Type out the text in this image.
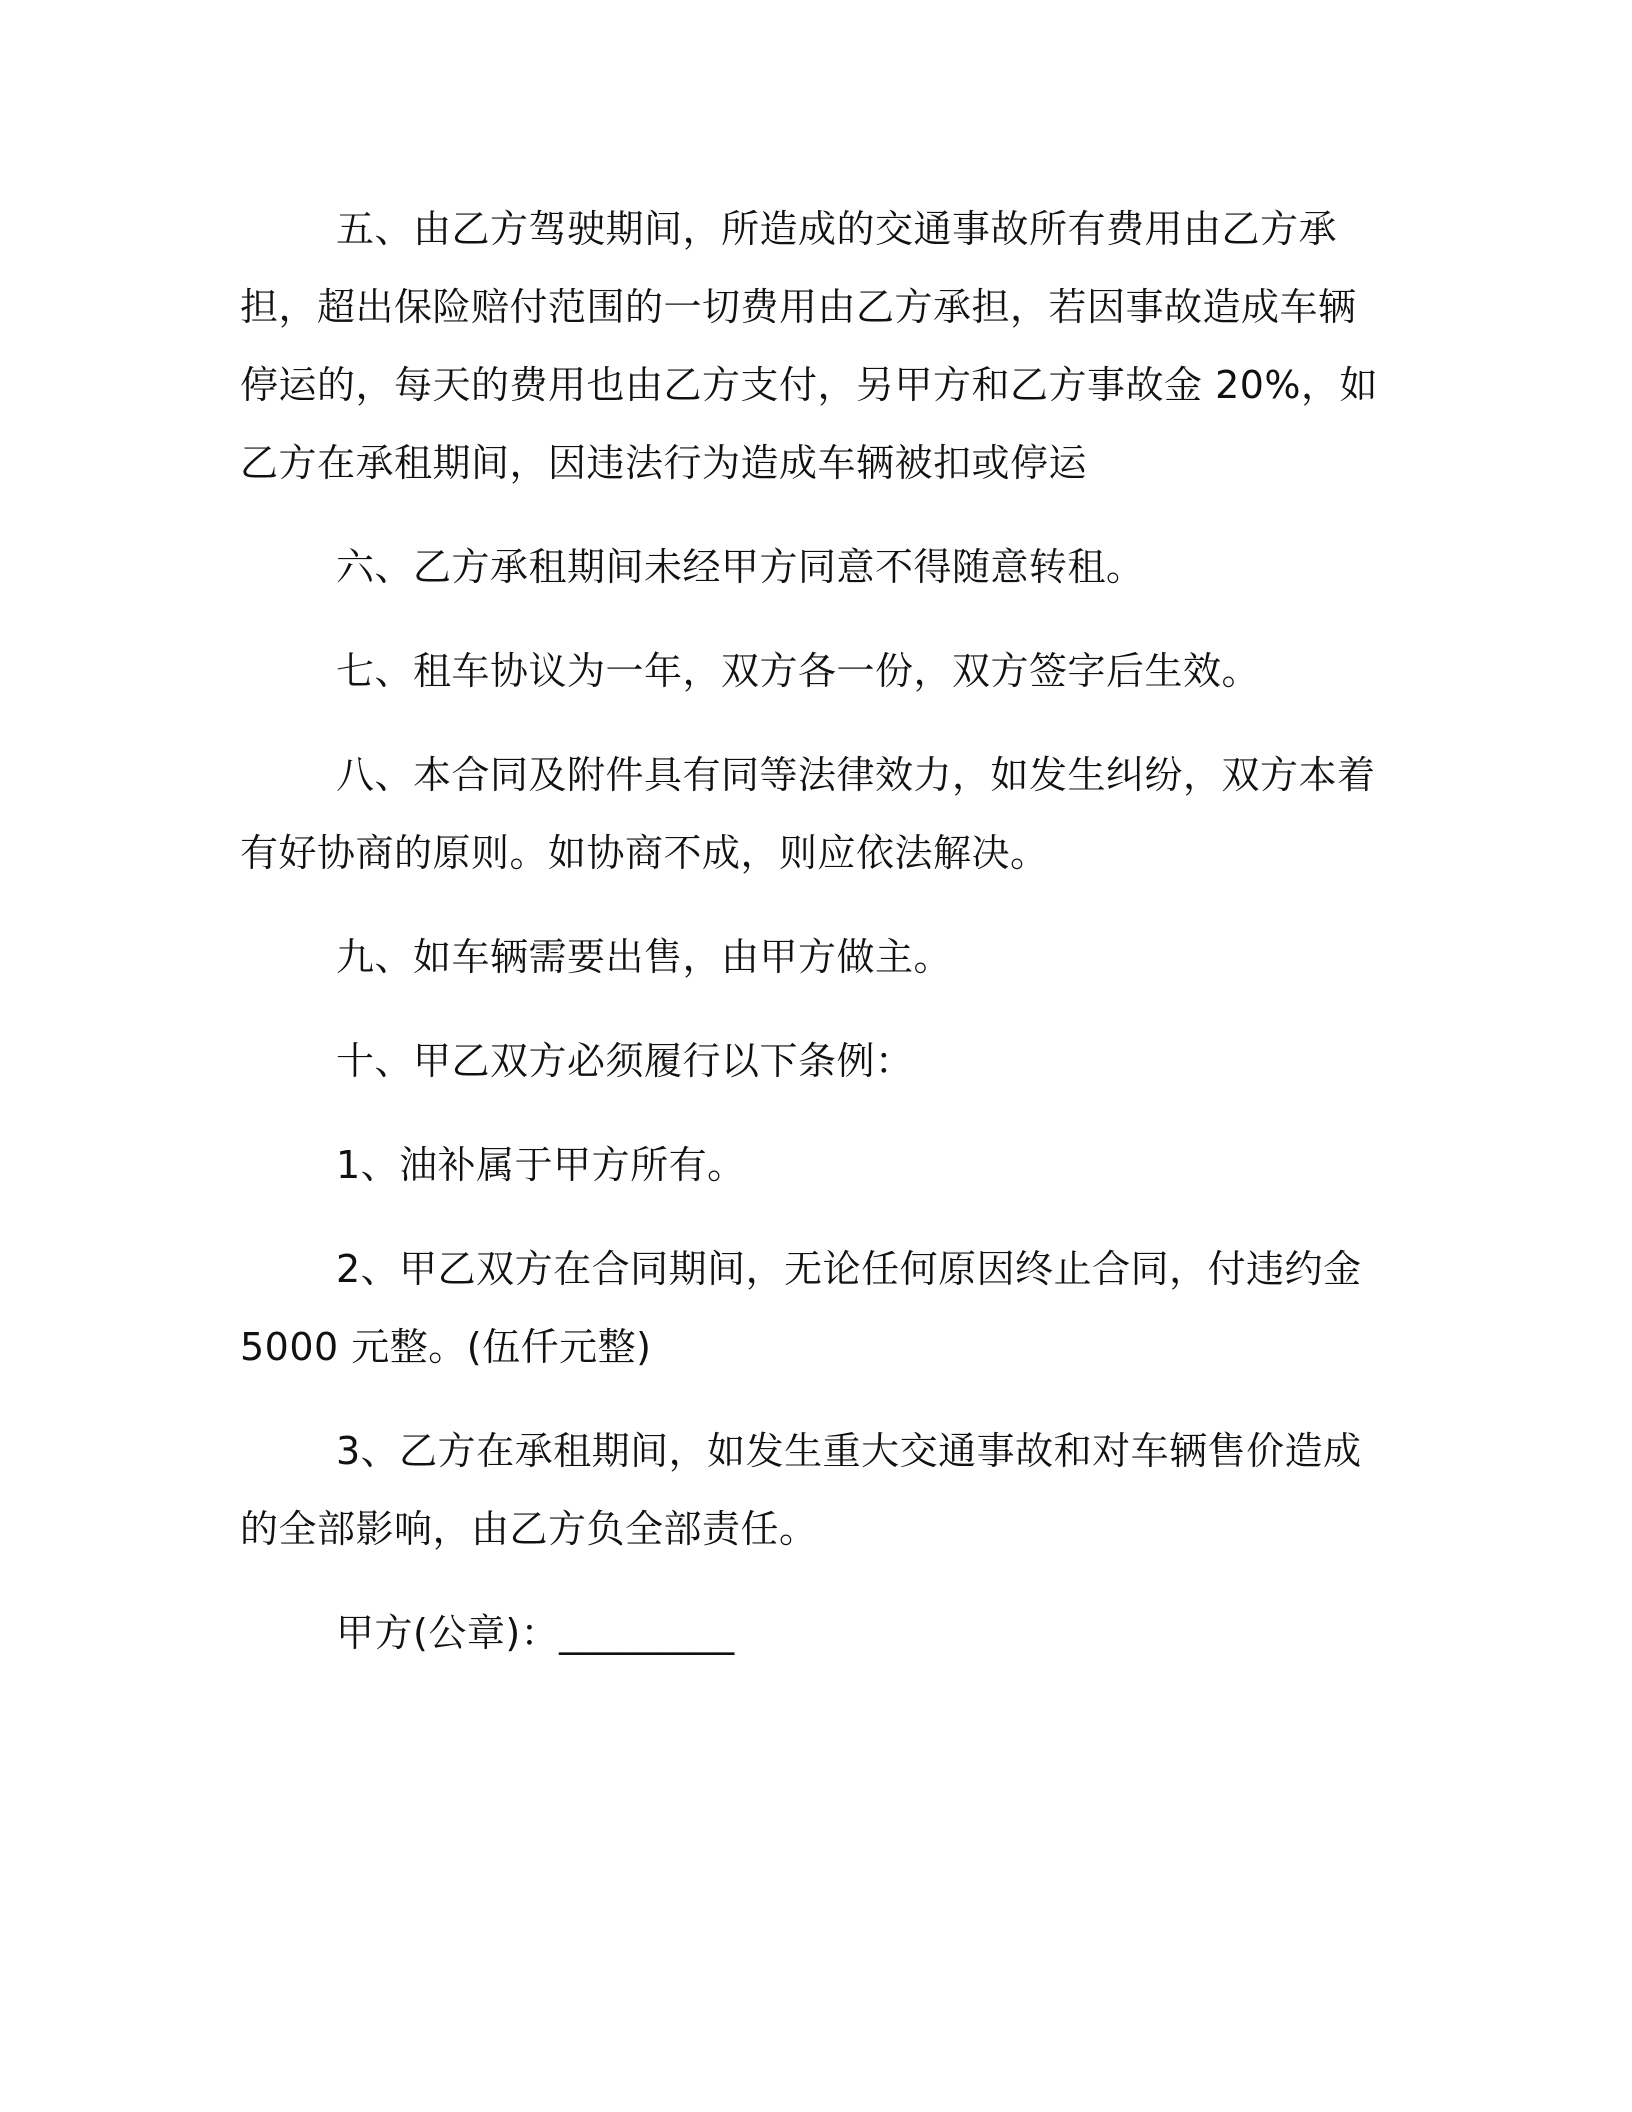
五、由乙方驾驶期间，所造成的交通事故所有费用由乙方承担，超出保险赔付范围的一切费用由乙方承担，若因事故造成车辆停运的，每天的费用也由乙方支付，另甲方和乙方事故金 20%，如乙方在承租期间，因违法行为造成车辆被扣或停运

六、乙方承租期间未经甲方同意不得随意转租。

七、租车协议为一年，双方各一份，双方签字后生效。

八、本合同及附件具有同等法律效力，如发生纠纷，双方本着有好协商的原则。如协商不成，则应依法解决。

九、如车辆需要出售，由甲方做主。

十、甲乙双方必须履行以下条例：

1、油补属于甲方所有。

2、甲乙双方在合同期间，无论任何原因终止合同，付违约金 5000 元整。(伍仟元整)

3、乙方在承租期间，如发生重大交通事故和对车辆售价造成的全部影响，由乙方负全部责任。

甲方(公章)：_________
